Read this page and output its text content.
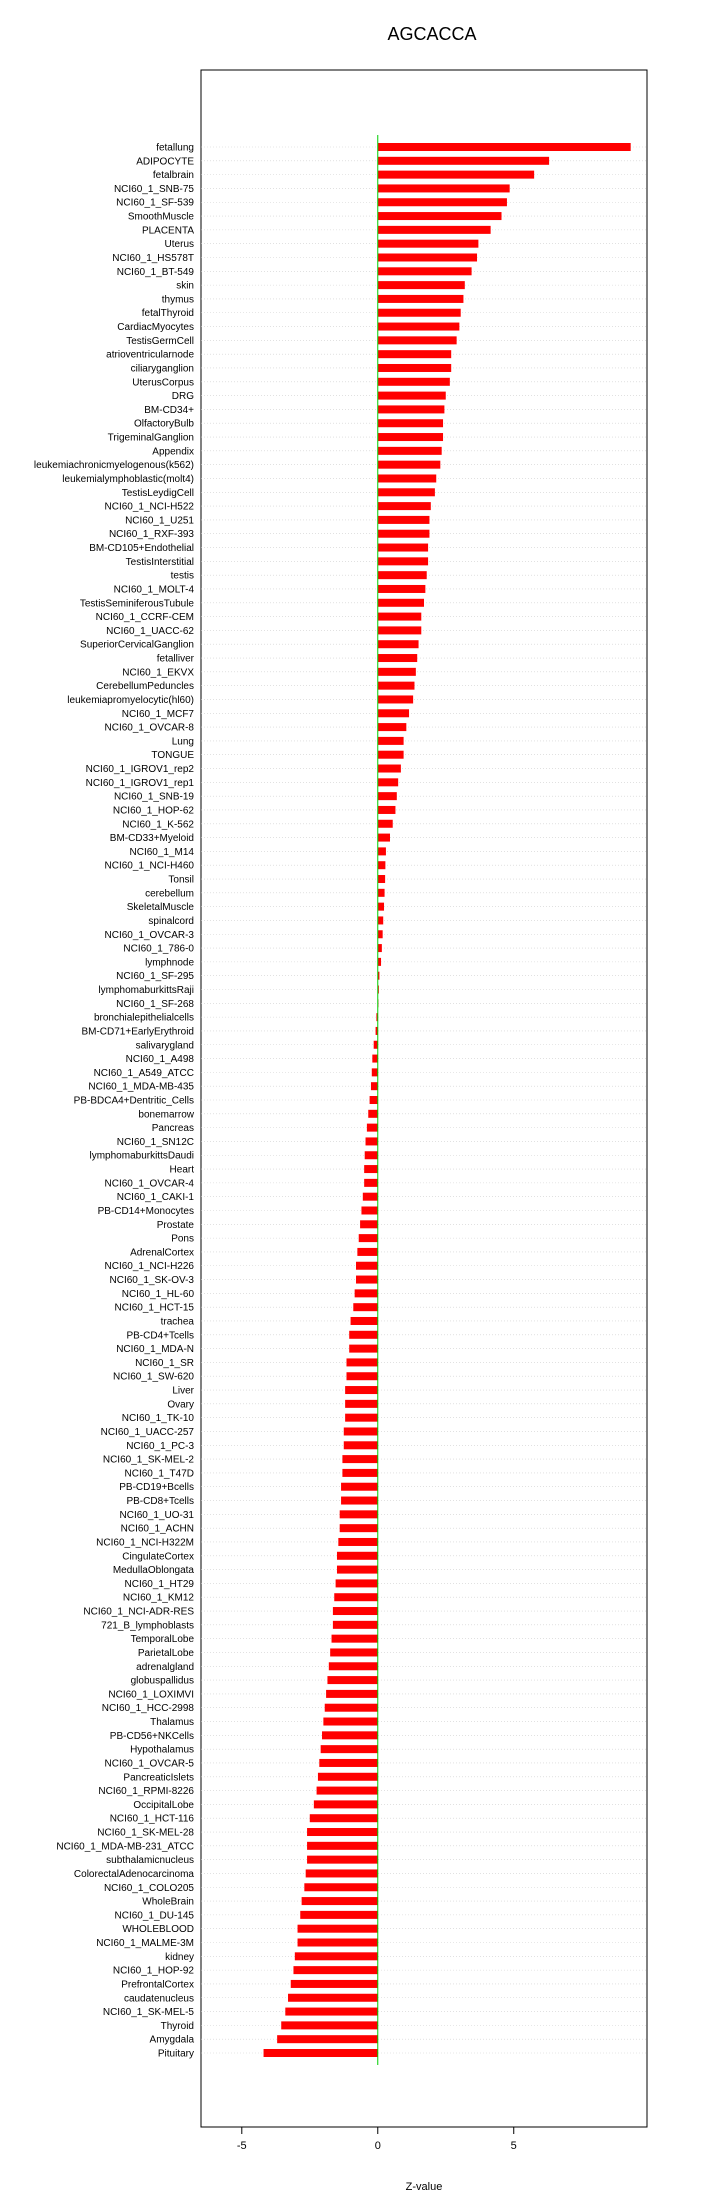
AGCACCA
fetallung
ADIPOCYTE
fetalbrain
NCI60_1_SNB-75
NCI60_1_SF-539
SmoothMuscle
PLACENTA
Uterus
NCI60_1_HS578T
NCI60_1_BT-549
skin
thymus
fetalThyroid
CardiacMyocytes
TestisGermCell
atrioventricularnode
ciliaryganglion
UterusCorpus
DRG
BM-CD34+
OlfactoryBulb
TrigeminalGanglion
Appendix
leukemiachronicmyelogenous(k562)
leukemialymphoblastic(molt4)
TestisLeydigCell
NCI60_1_NCI-H522
NCI60_1_U251
NCI60_1_RXF-393
BM-CD105+Endothelial
TestisInterstitial
testis
NCI60_1_MOLT-4
TestisSeminiferousTubule
NCI60_1_CCRF-CEM
NCI60_1_UACC-62
SuperiorCervicalGanglion
fetalliver
NCI60_1_EKVX
CerebellumPeduncles
leukemiapromyelocytic(hl60)
NCI60_1_MCF7
NCI60_1_OVCAR-8
Lung
TONGUE
NCI60_1_IGROV1_rep2
NCI60_1_IGROV1_rep1
NCI60_1_SNB-19
NCI60_1_HOP-62
NCI60_1_K-562
BM-CD33+Myeloid
NCI60_1_M14
NCI60_1_NCI-H460
Tonsil
cerebellum
SkeletalMuscle
spinalcord
NCI60_1_OVCAR-3
NCI60_1_786-0
lymphnode
NCI60_1_SF-295
lymphomaburkittsRaji
NCI60_1_SF-268
bronchialepithelialcells
BM-CD71+EarlyErythroid
salivarygland
NCI60_1_A498
NCI60_1_A549_ATCC
NCI60_1_MDA-MB-435
PB-BDCA4+Dentritic_Cells
bonemarrow
Pancreas
NCI60_1_SN12C
lymphomaburkittsDaudi
Heart
NCI60_1_OVCAR-4
NCI60_1_CAKI-1
PB-CD14+Monocytes
Prostate
Pons
AdrenalCortex
NCI60_1_NCI-H226
NCI60_1_SK-OV-3
NCI60_1_HL-60
NCI60_1_HCT-15
trachea
PB-CD4+Tcells
NCI60_1_MDA-N
NCI60_1_SR
NCI60_1_SW-620
Liver
Ovary
NCI60_1_TK-10
NCI60_1_UACC-257
NCI60_1_PC-3
NCI60_1_SK-MEL-2
NCI60_1_T47D
PB-CD19+Bcells
PB-CD8+Tcells
NCI60_1_UO-31
NCI60_1_ACHN
NCI60_1_NCI-H322M
CingulateCortex
MedullaOblongata
NCI60_1_HT29
NCI60_1_KM12
NCI60_1_NCI-ADR-RES
721_B_lymphoblasts
TemporalLobe
ParietalLobe
adrenalgland
globuspallidus
NCI60_1_LOXIMVI
NCI60_1_HCC-2998
Thalamus
PB-CD56+NKCells
Hypothalamus
NCI60_1_OVCAR-5
PancreaticIslets
NCI60_1_RPMI-8226
OccipitalLobe
NCI60_1_HCT-116
NCI60_1_SK-MEL-28
NCI60_1_MDA-MB-231_ATCC
subthalamicnucleus
ColorectalAdenocarcinoma
NCI60_1_COLO205
WholeBrain
NCI60_1_DU-145
WHOLEBLOOD
NCI60_1_MALME-3M
kidney
NCI60_1_HOP-92
PrefrontalCortex
caudatenucleus
NCI60_1_SK-MEL-5
Thyroid
Amygdala
Pituitary
-5	0	5
Z-value
